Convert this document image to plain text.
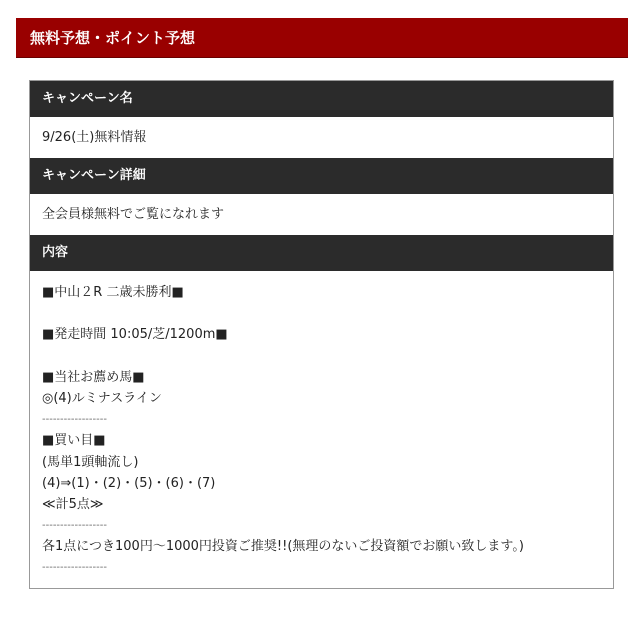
無料予想・ポイント予想
キャンペーン名
9/26(土)無料情報
キャンペーン詳細
全会員様無料でご覧になれます
内容
■中山２R 二歳未勝利■
■発走時間 10:05/芝/1200m■
■当社お薦め馬■
◎(4)ルミナスライン
------------------
■買い目■
(馬単1頭軸流し)
(4)⇒(1)・(2)・(5)・(6)・(7)
≪計5点≫
------------------
各1点につき100円〜1000円投資ご推奨!!(無理のないご投資額でお願い致します。)
------------------
